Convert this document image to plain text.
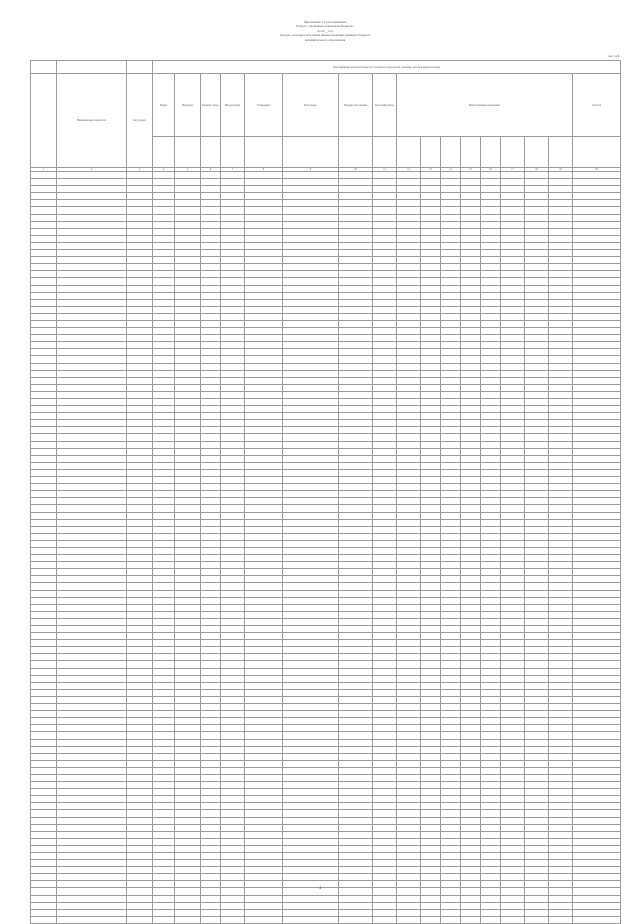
Приложение 1 к распоряжению
Раздел 1 «Основные показатели бюджета»
на 20__ год
Доходы, расходы и источники финансирования дефицита бюджета
муниципального образования
тыс. руб.
			Классификация расходов бюджета по разделам, подразделам, целевым статьям и видам расходов																
	Наименование показателя	Код строки	Раздел	Подраздел	Целевая статья	Вид расходов	Утверждено	Исполнено	Процент исполнения	Кассовый расход	Неисполненные назначения								Остаток

1	2	3	4	5	6	7	8	9	10	11	12	13	14	15	16	17	18	19	20

4
